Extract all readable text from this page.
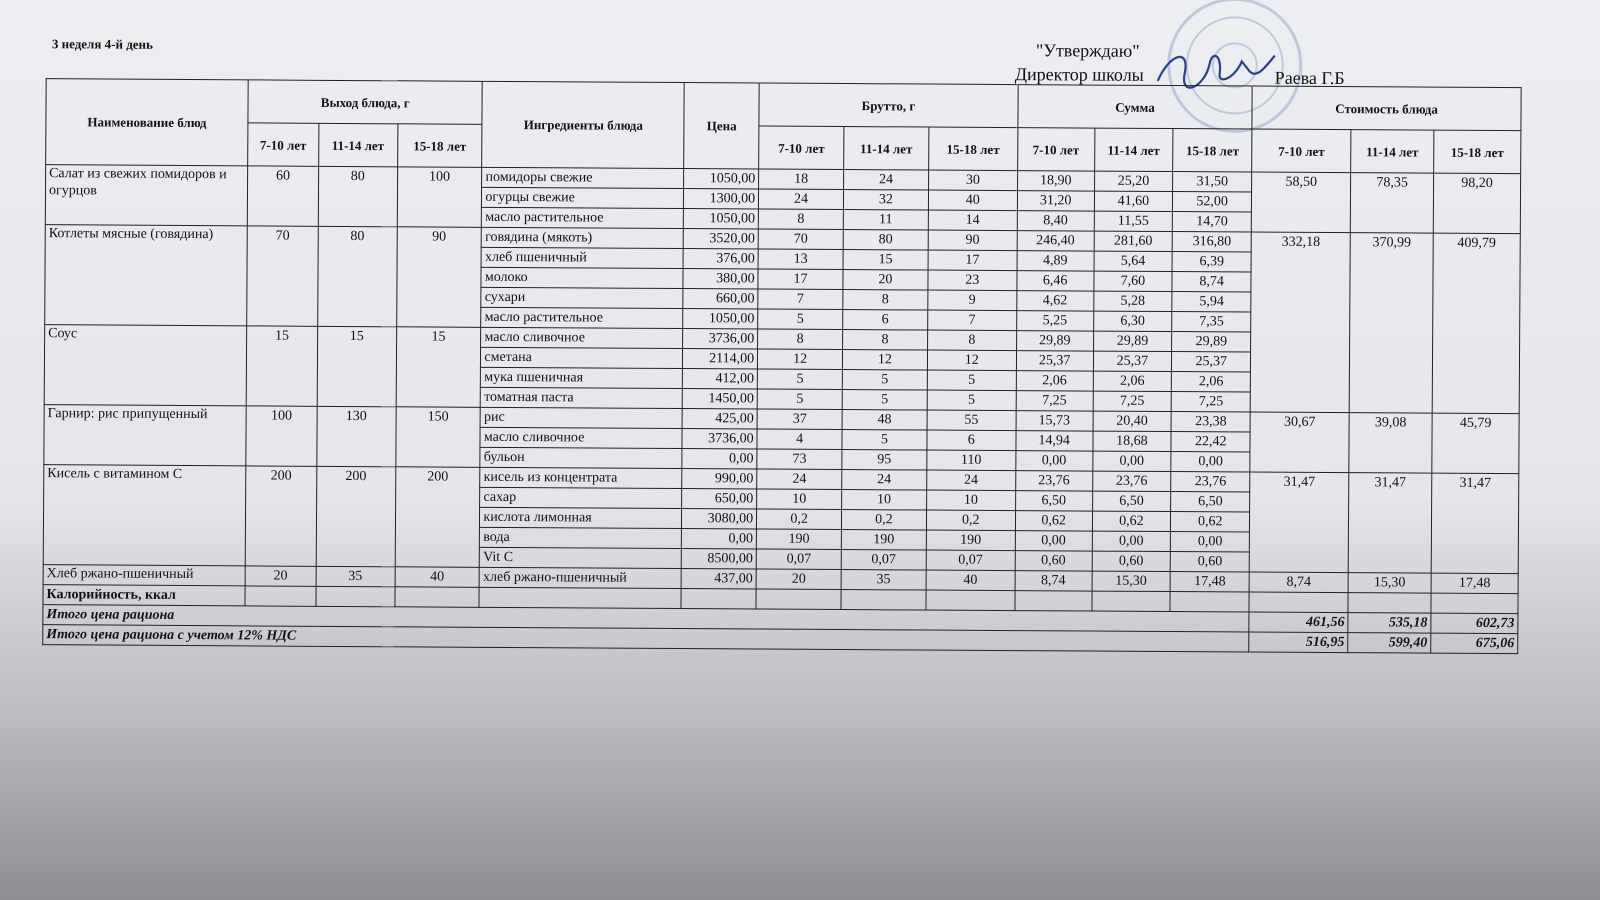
3 неделя 4-й день	"Утверждаю"
Директор школы	Раева Г.Б
Наименование блюд	Выход блюда, г			Ингредиенты блюда	Цена	Брутто, г			Сумма			Стоимость блюда		
	7-10 лет	11-14 лет	15-18 лет			7-10 лет	11-14 лет	15-18 лет	7-10 лет	11-14 лет	15-18 лет	7-10 лет	11-14 лет	15-18 лет
Салат из свежих помидоров и огурцов	60	80	100	помидоры свежие	1050,00	18	24	30	18,90	25,20	31,50	58,50	78,35	98,20
				огурцы свежие	1300,00	24	32	40	31,20	41,60	52,00			
				масло растительное	1050,00	8	11	14	8,40	11,55	14,70			
Котлеты мясные (говядина)	70	80	90	говядина (мякоть)	3520,00	70	80	90	246,40	281,60	316,80	332,18	370,99	409,79
				хлеб пшеничный	376,00	13	15	17	4,89	5,64	6,39			
				молоко	380,00	17	20	23	6,46	7,60	8,74			
				сухари	660,00	7	8	9	4,62	5,28	5,94			
				масло растительное	1050,00	5	6	7	5,25	6,30	7,35			
Соус	15	15	15	масло сливочное	3736,00	8	8	8	29,89	29,89	29,89			
				сметана	2114,00	12	12	12	25,37	25,37	25,37			
				мука пшеничная	412,00	5	5	5	2,06	2,06	2,06			
				томатная паста	1450,00	5	5	5	7,25	7,25	7,25			
Гарнир: рис припущенный	100	130	150	рис	425,00	37	48	55	15,73	20,40	23,38	30,67	39,08	45,79
				масло сливочное	3736,00	4	5	6	14,94	18,68	22,42			
				бульон	0,00	73	95	110	0,00	0,00	0,00			
Кисель с витамином С	200	200	200	кисель из концентрата	990,00	24	24	24	23,76	23,76	23,76	31,47	31,47	31,47
				сахар	650,00	10	10	10	6,50	6,50	6,50			
				кислота лимонная	3080,00	0,2	0,2	0,2	0,62	0,62	0,62			
				вода	0,00	190	190	190	0,00	0,00	0,00			
				Vit C	8500,00	0,07	0,07	0,07	0,60	0,60	0,60			
Хлеб ржано-пшеничный	20	35	40	хлеб ржано-пшеничный	437,00	20	35	40	8,74	15,30	17,48	8,74	15,30	17,48
Калорийность, ккал														
Итого цена рациона												461,56	535,18	602,73
Итого цена рациона с учетом 12% НДС												516,95	599,40	675,06
